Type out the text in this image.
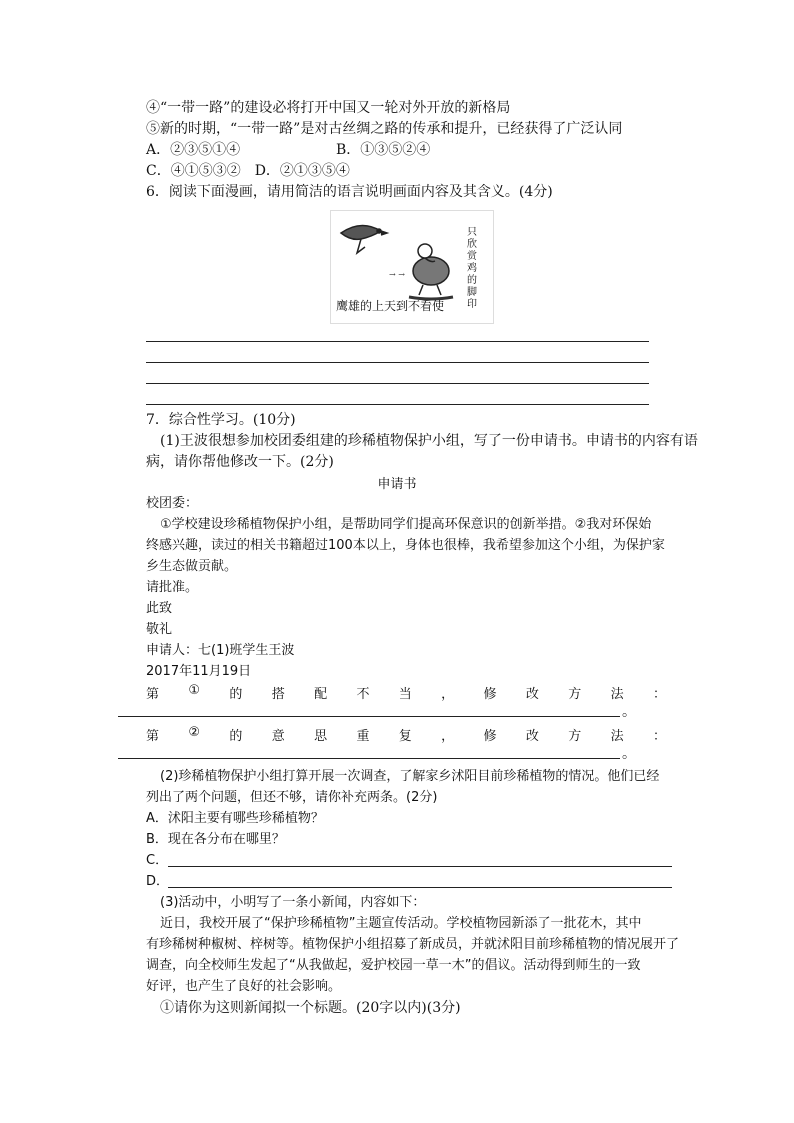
④“一带一路”的建设必将打开中国又一轮对外开放的新格局
⑤新的时期，“一带一路”是对古丝绸之路的传承和提升，已经获得了广泛认同
A．②③⑤①④	B．①③⑤②④
C．④①⑤③②　D．②①③⑤④
6．阅读下面漫画，请用简洁的语言说明画面内容及其含义。(4分)
→ →
只
欣
赏
鸡
的
脚
印
鹰雄的上天到不看使
7．综合性学习。(10分)
(1)王波很想参加校团委组建的珍稀植物保护小组，写了一份申请书。申请书的内容有语
病，请你帮他修改一下。(2分)
申请书
校团委：
①学校建设珍稀植物保护小组，是帮助同学们提高环保意识的创新举措。②我对环保始
终感兴趣，读过的相关书籍超过100本以上，身体也很棒，我希望参加这个小组，为保护家
乡生态做贡献。
请批准。
此致
敬礼
申请人：七(1)班学生王波
2017年11月19日
第 ① 的 搭 配 不 当 ， 修 改 方 法 ：
。
第 ② 的 意 思 重 复 ， 修 改 方 法 ：
。
(2)珍稀植物保护小组打算开展一次调查，了解家乡沭阳目前珍稀植物的情况。他们已经
列出了两个问题，但还不够，请你补充两条。(2分)
A．沭阳主要有哪些珍稀植物？
B．现在各分布在哪里？
C．
D．
(3)活动中，小明写了一条小新闻，内容如下：
近日，我校开展了“保护珍稀植物”主题宣传活动。学校植物园新添了一批花木，其中
有珍稀树种椒树、梓树等。植物保护小组招募了新成员，并就沭阳目前珍稀植物的情况展开了
调查，向全校师生发起了“从我做起，爱护校园一草一木”的倡议。活动得到师生的一致
好评，也产生了良好的社会影响。
①请你为这则新闻拟一个标题。(20字以内)(3分)
